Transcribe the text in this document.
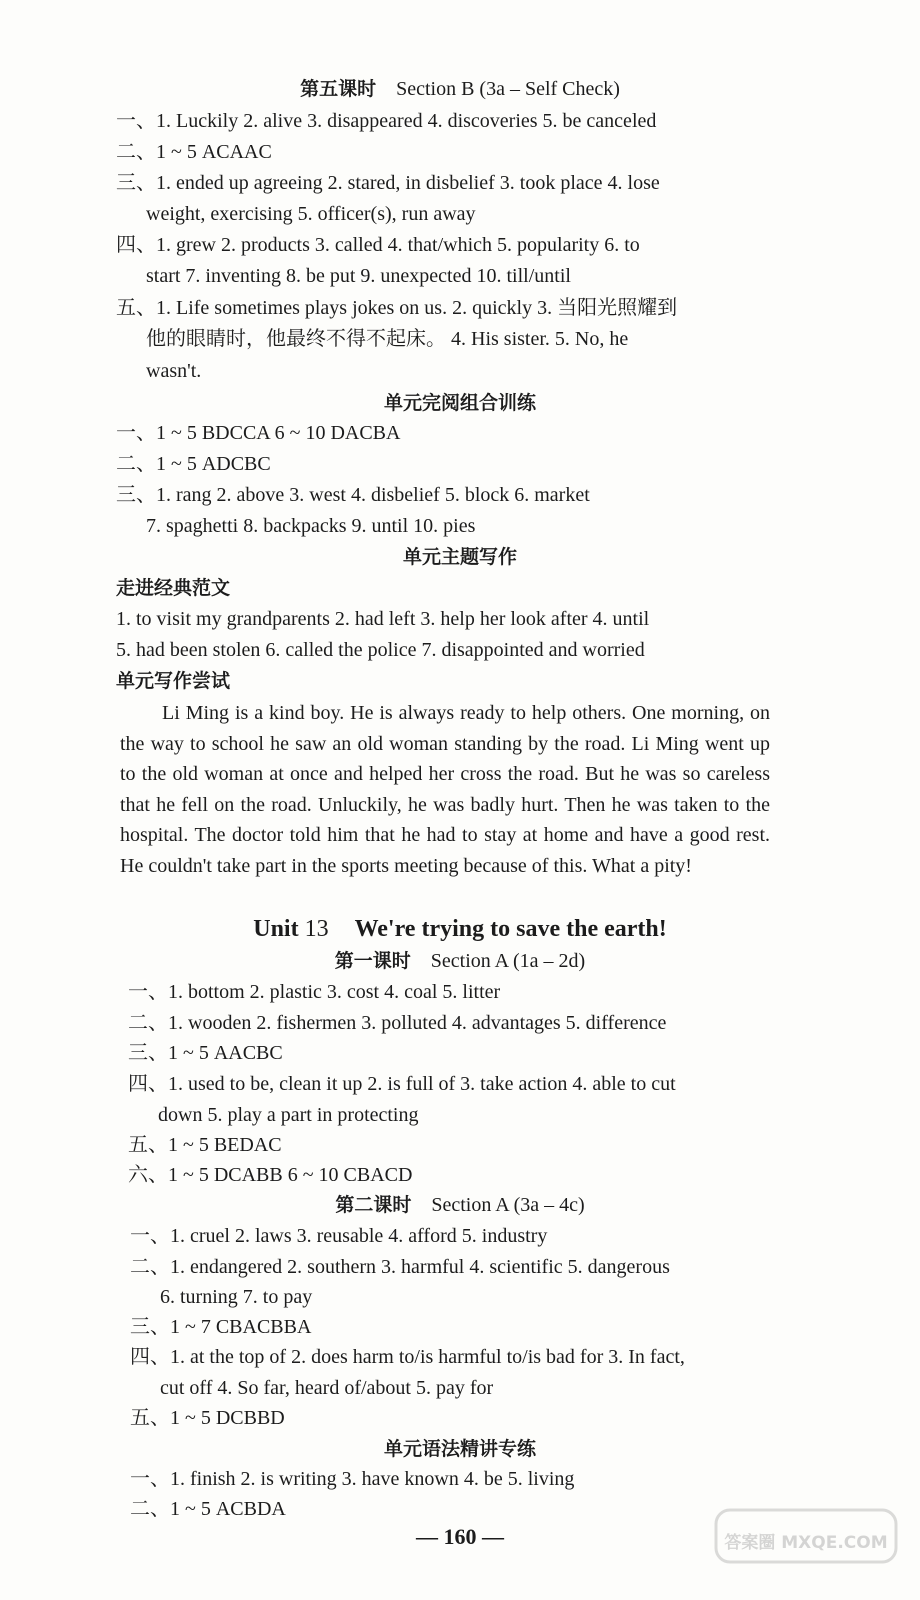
第五课时 Section B (3a – Self Check)
一、1. Luckily 2. alive 3. disappeared 4. discoveries 5. be canceled
二、1 ~ 5 ACAAC
三、1. ended up agreeing 2. stared, in disbelief 3. took place 4. lose
weight, exercising 5. officer(s), run away
四、1. grew 2. products 3. called 4. that/which 5. popularity 6. to
start 7. inventing 8. be put 9. unexpected 10. till/until
五、1. Life sometimes plays jokes on us. 2. quickly 3. 当阳光照耀到
他的眼睛时，他最终不得不起床。 4. His sister. 5. No, he
wasn't.
单元完阅组合训练
一、1 ~ 5 BDCCA 6 ~ 10 DACBA
二、1 ~ 5 ADCBC
三、1. rang 2. above 3. west 4. disbelief 5. block 6. market
7. spaghetti 8. backpacks 9. until 10. pies
单元主题写作
走进经典范文
1. to visit my grandparents 2. had left 3. help her look after 4. until
5. had been stolen 6. called the police 7. disappointed and worried
单元写作尝试
Li Ming is a kind boy. He is always ready to help others. One morning, on the way to school he saw an old woman standing by the road. Li Ming went up to the old woman at once and helped her cross the road. But he was so careless that he fell on the road. Unluckily, he was badly hurt. Then he was taken to the hospital. The doctor told him that he had to stay at home and have a good rest. He couldn't take part in the sports meeting because of this. What a pity!
Unit 13 We're trying to save the earth!
第一课时 Section A (1a – 2d)
一、1. bottom 2. plastic 3. cost 4. coal 5. litter
二、1. wooden 2. fishermen 3. polluted 4. advantages 5. difference
三、1 ~ 5 AACBC
四、1. used to be, clean it up 2. is full of 3. take action 4. able to cut
down 5. play a part in protecting
五、1 ~ 5 BEDAC
六、1 ~ 5 DCABB 6 ~ 10 CBACD
第二课时 Section A (3a – 4c)
一、1. cruel 2. laws 3. reusable 4. afford 5. industry
二、1. endangered 2. southern 3. harmful 4. scientific 5. dangerous
6. turning 7. to pay
三、1 ~ 7 CBACBBA
四、1. at the top of 2. does harm to/is harmful to/is bad for 3. In fact,
cut off 4. So far, heard of/about 5. pay for
五、1 ~ 5 DCBBD
单元语法精讲专练
一、1. finish 2. is writing 3. have known 4. be 5. living
二、1 ~ 5 ACBDA
— 160 —	答案圈 MXQE.COM
